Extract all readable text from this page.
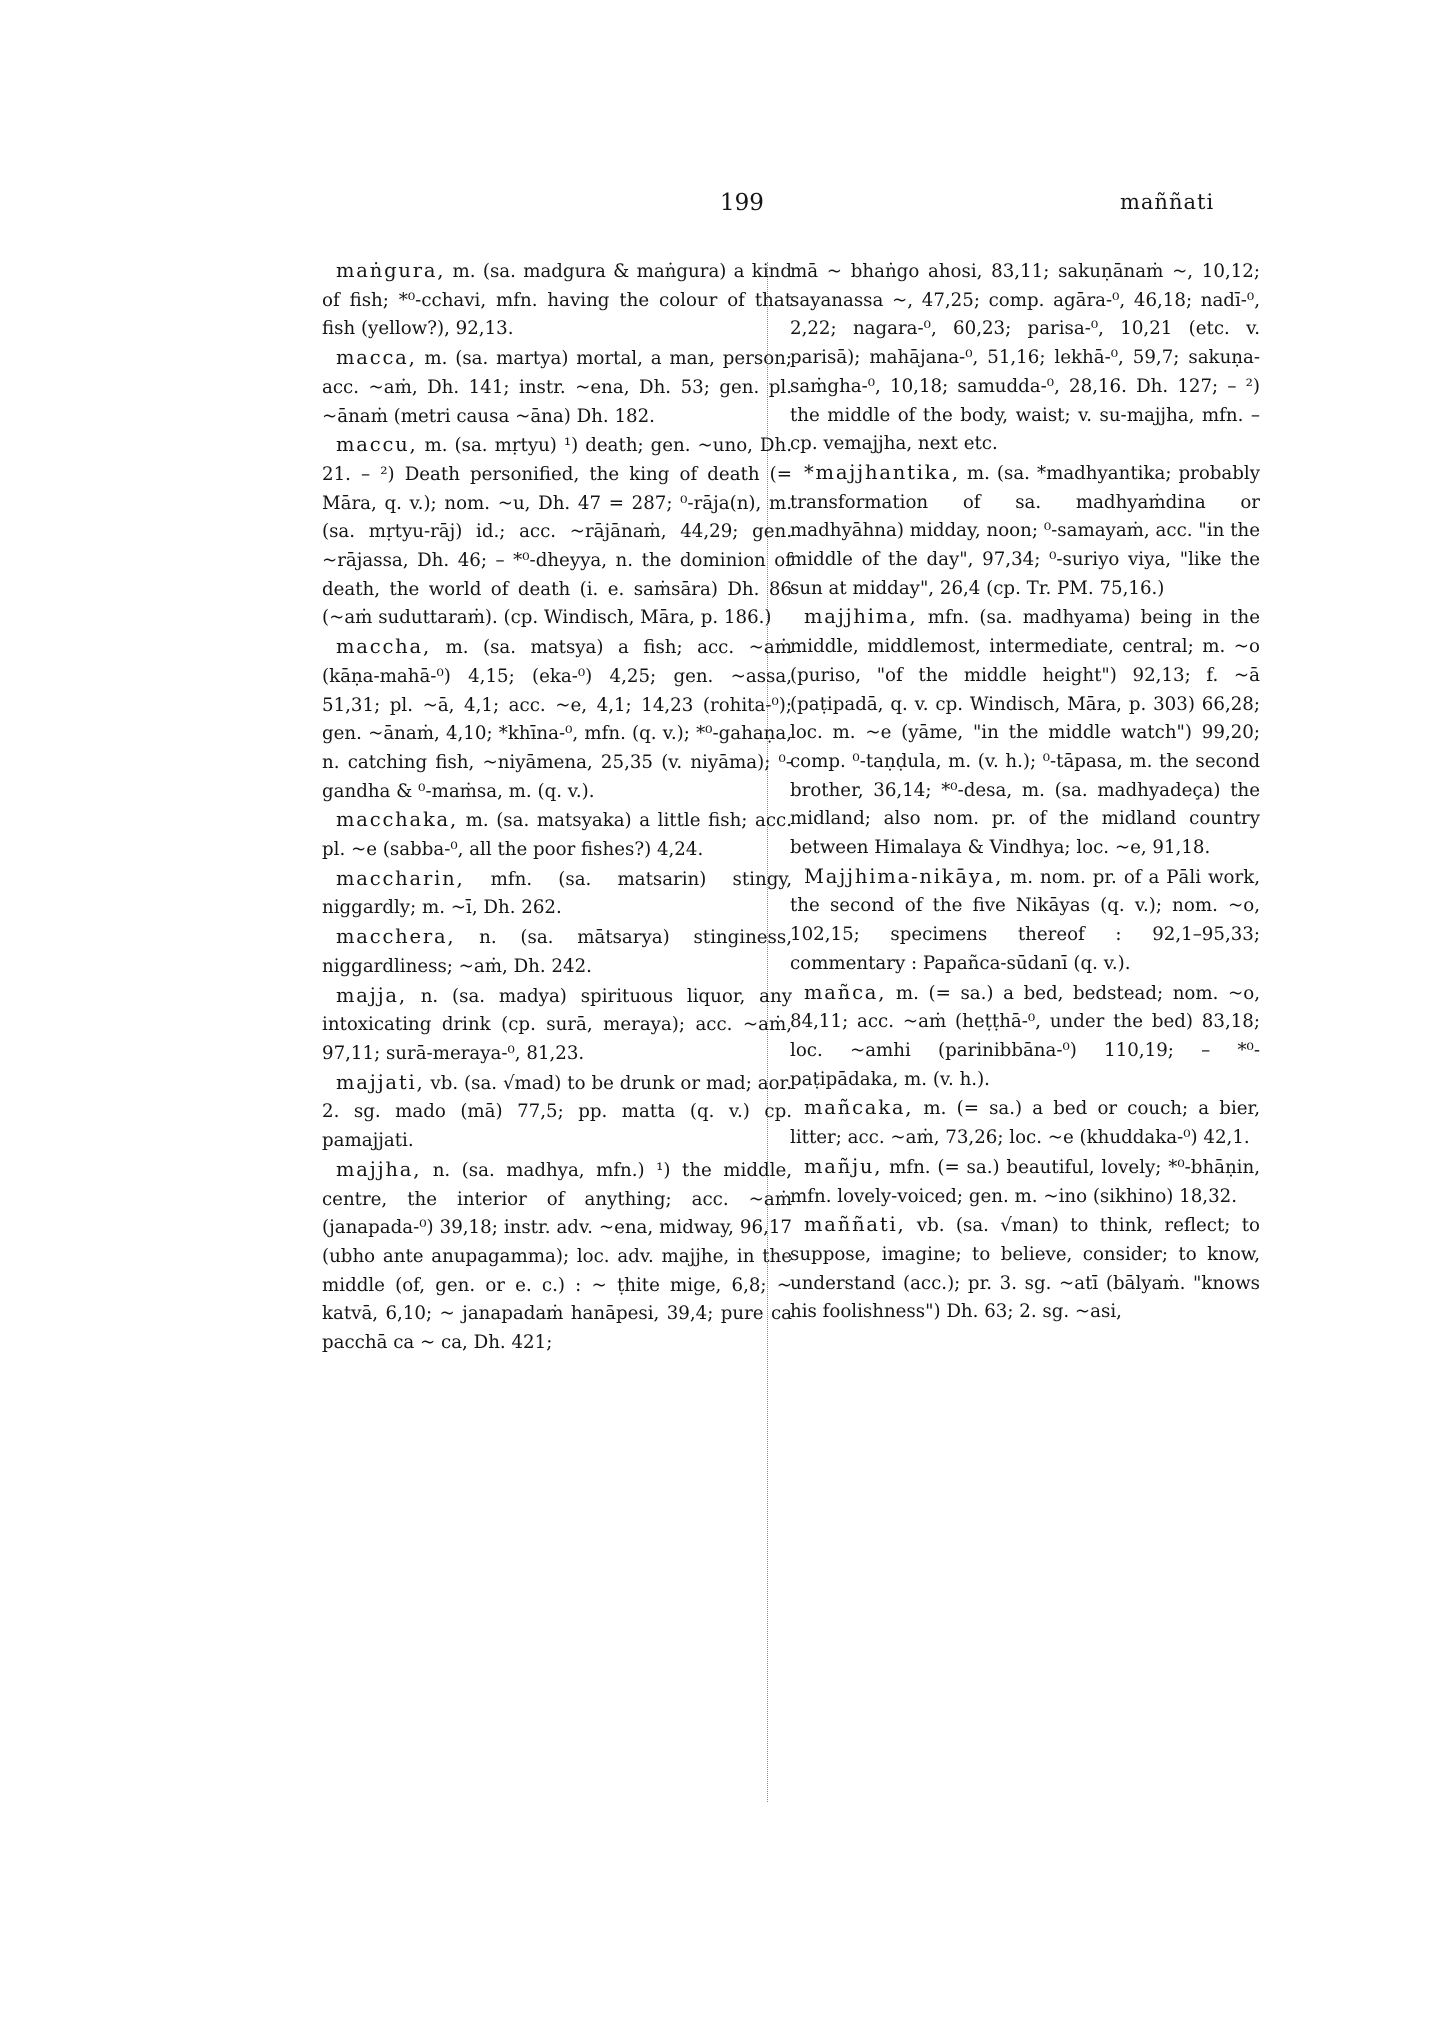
199	maññati

maṅgura, m. (sa. madgura & maṅgura) a kind of fish; *⁰-cchavi, mfn. having the colour of that fish (yellow?), 92,13.

macca, m. (sa. martya) mortal, a man, person; acc. ~aṁ, Dh. 141; instr. ~ena, Dh. 53; gen. pl. ~ānaṁ (metri causa ~āna) Dh. 182.

maccu, m. (sa. mṛtyu) ¹) death; gen. ~uno, Dh. 21. – ²) Death personified, the king of death (= Māra, q. v.); nom. ~u, Dh. 47 = 287; ⁰-rāja(n), m. (sa. mṛtyu-rāj) id.; acc. ~rājānaṁ, 44,29; gen. ~rājassa, Dh. 46; – *⁰-dheyya, n. the dominion of death, the world of death (i. e. saṁsāra) Dh. 86 (~aṁ suduttaraṁ). (cp. Windisch, Māra, p. 186.)

maccha, m. (sa. matsya) a fish; acc. ~aṁ (kāṇa-mahā-⁰) 4,15; (eka-⁰) 4,25; gen. ~assa, 51,31; pl. ~ā, 4,1; acc. ~e, 4,1; 14,23 (rohita-⁰); gen. ~ānaṁ, 4,10; *khīna-⁰, mfn. (q. v.); *⁰-gahaṇa, n. catching fish, ~niyāmena, 25,35 (v. niyāma); ⁰-gandha & ⁰-maṁsa, m. (q. v.).

macchaka, m. (sa. matsyaka) a little fish; acc. pl. ~e (sabba-⁰, all the poor fishes?) 4,24.

maccharin, mfn. (sa. matsarin) stingy, niggardly; m. ~ī, Dh. 262.

macchera, n. (sa. mātsarya) stinginess, niggardliness; ~aṁ, Dh. 242.

majja, n. (sa. madya) spirituous liquor, any intoxicating drink (cp. surā, meraya); acc. ~aṁ, 97,11; surā-meraya-⁰, 81,23.

majjati, vb. (sa. √mad) to be drunk or mad; aor. 2. sg. mado (mā) 77,5; pp. matta (q. v.) cp. pamajjati.

majjha, n. (sa. madhya, mfn.) ¹) the middle, centre, the interior of anything; acc. ~aṁ (janapada-⁰) 39,18; instr. adv. ~ena, midway, 96,17 (ubho ante anupagamma); loc. adv. majjhe, in the middle (of, gen. or e. c.) : ~ ṭhite mige, 6,8; ~ katvā, 6,10; ~ janapadaṁ hanāpesi, 39,4; pure ca pacchā ca ~ ca, Dh. 421;

mā ~ bhaṅgo ahosi, 83,11; sakuṇānaṁ ~, 10,12; sayanassa ~, 47,25; comp. agāra-⁰, 46,18; nadī-⁰, 2,22; nagara-⁰, 60,23; parisa-⁰, 10,21 (etc. v. parisā); mahājana-⁰, 51,16; lekhā-⁰, 59,7; sakuṇa-saṁgha-⁰, 10,18; samudda-⁰, 28,16. Dh. 127; – ²) the middle of the body, waist; v. su-majjha, mfn. – cp. vemajjha, next etc.

*majjhantika, m. (sa. *madhyantika; probably transformation of sa. madhyaṁdina or madhyāhna) midday, noon; ⁰-samayaṁ, acc. "in the middle of the day", 97,34; ⁰-suriyo viya, "like the sun at midday", 26,4 (cp. Tr. PM. 75,16.)

majjhima, mfn. (sa. madhyama) being in the middle, middlemost, intermediate, central; m. ~o (puriso, "of the middle height") 92,13; f. ~ā (paṭipadā, q. v. cp. Windisch, Māra, p. 303) 66,28; loc. m. ~e (yāme, "in the middle watch") 99,20; comp. ⁰-taṇḍula, m. (v. h.); ⁰-tāpasa, m. the second brother, 36,14; *⁰-desa, m. (sa. madhyadeça) the midland; also nom. pr. of the midland country between Himalaya & Vindhya; loc. ~e, 91,18.

Majjhima-nikāya, m. nom. pr. of a Pāli work, the second of the five Nikāyas (q. v.); nom. ~o, 102,15; specimens thereof : 92,1–95,33; commentary : Papañca-sūdanī (q. v.).

mañca, m. (= sa.) a bed, bedstead; nom. ~o, 84,11; acc. ~aṁ (heṭṭhā-⁰, under the bed) 83,18; loc. ~amhi (parinibbāna-⁰) 110,19; – *⁰-paṭipādaka, m. (v. h.).

mañcaka, m. (= sa.) a bed or couch; a bier, litter; acc. ~aṁ, 73,26; loc. ~e (khuddaka-⁰) 42,1.

mañju, mfn. (= sa.) beautiful, lovely; *⁰-bhāṇin, mfn. lovely-voiced; gen. m. ~ino (sikhino) 18,32.

maññati, vb. (sa. √man) to think, reflect; to suppose, imagine; to believe, consider; to know, understand (acc.); pr. 3. sg. ~atī (bālyaṁ. "knows his foolishness") Dh. 63; 2. sg. ~asi,
